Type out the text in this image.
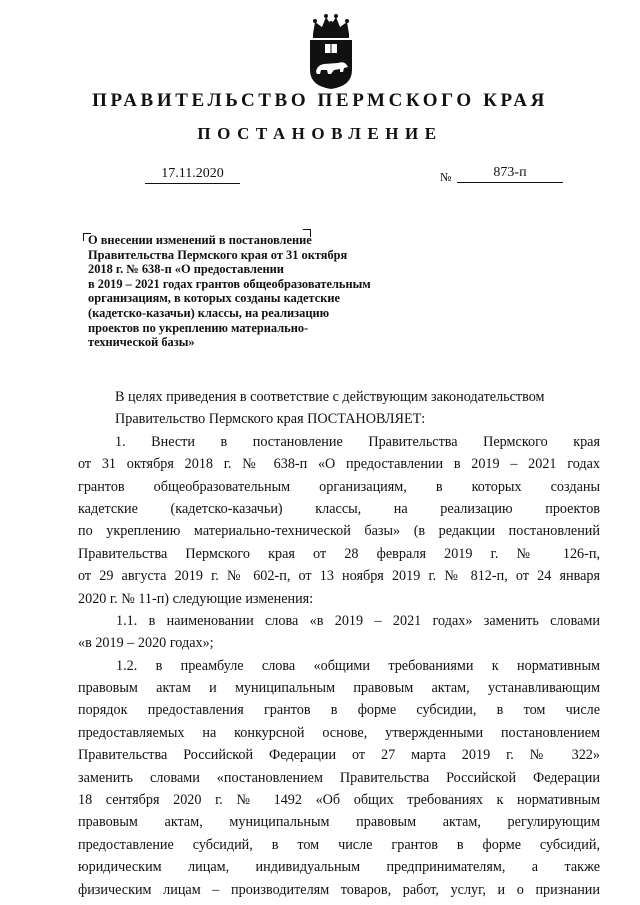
ПРАВИТЕЛЬСТВО ПЕРМСКОГО КРАЯ
ПОСТАНОВЛЕНИЕ
17.11.2020	№	873-п
О внесении изменений в постановление
Правительства Пермского края от 31 октября
2018 г. № 638-п «О предоставлении
в 2019 – 2021 годах грантов общеобразовательным
организациям, в которых созданы кадетские
(кадетско-казачьи) классы, на реализацию
проектов по укреплению материально-
технической базы»
В целях приведения в соответствие с действующим законодательством
Правительство Пермского края ПОСТАНОВЛЯЕТ:
1. Внести в постановление Правительства Пермского края
от 31 октября 2018 г. № 638-п «О предоставлении в 2019 – 2021 годах
грантов общеобразовательным организациям, в которых созданы
кадетские (кадетско-казачьи) классы, на реализацию проектов
по укреплению материально-технической базы» (в редакции постановлений
Правительства Пермского края от 28 февраля 2019 г. № 126-п,
от 29 августа 2019 г. № 602-п, от 13 ноября 2019 г. № 812-п, от 24 января
2020 г. № 11-п) следующие изменения:
1.1. в наименовании слова «в 2019 – 2021 годах» заменить словами
«в 2019 – 2020 годах»;
1.2. в преамбуле слова «общими требованиями к нормативным
правовым актам и муниципальным правовым актам, устанавливающим
порядок предоставления грантов в форме субсидии, в том числе
предоставляемых на конкурсной основе, утвержденными постановлением
Правительства Российской Федерации от 27 марта 2019 г. № 322»
заменить словами «постановлением Правительства Российской Федерации
18 сентября 2020 г. № 1492 «Об общих требованиях к нормативным
правовым актам, муниципальным правовым актам, регулирующим
предоставление субсидий, в том числе грантов в форме субсидий,
юридическим лицам, индивидуальным предпринимателям, а также
физическим лицам – производителям товаров, работ, услуг, и о признании
